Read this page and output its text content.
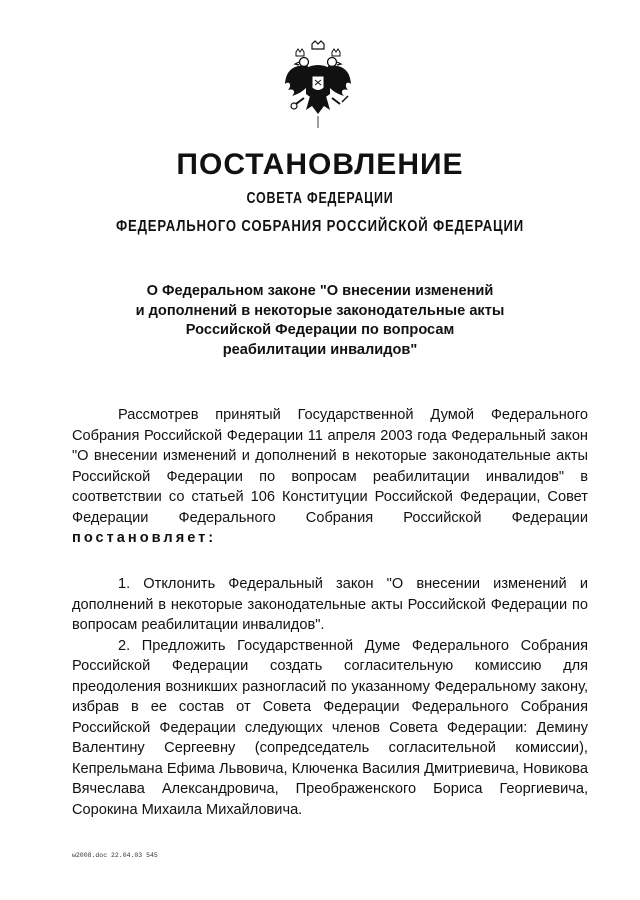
ПОСТАНОВЛЕНИЕ
СОВЕТА ФЕДЕРАЦИИ
ФЕДЕРАЛЬНОГО СОБРАНИЯ РОССИЙСКОЙ ФЕДЕРАЦИИ
О Федеральном законе "О внесении изменений
и дополнений в некоторые законодательные акты
Российской Федерации по вопросам
реабилитации инвалидов"

Рассмотрев принятый Государственной Думой Федерального Собрания Российской Федерации 11 апреля 2003 года Федеральный закон "О внесении изменений и дополнений в некоторые законодательные акты Российской Федерации по вопросам реабилитации инвалидов" в соответствии со статьей 106 Конституции Российской Федерации, Совет Федерации Федерального Собрания Российской Федерации постановляет:

1. Отклонить Федеральный закон "О внесении изменений и дополнений в некоторые законодательные акты Российской Федерации по вопросам реабилитации инвалидов".

2. Предложить Государственной Думе Федерального Собрания Российской Федерации создать согласительную комиссию для преодоления возникших разногласий по указанному Федеральному закону, избрав в ее состав от Совета Федерации Федерального Собрания Российской Федерации следующих членов Совета Федерации: Демину Валентину Сергеевну (сопредседатель согласительной комиссии), Кепрельмана Ефима Львовича, Ключенка Василия Дмитриевича, Новикова Вячеслава Александровича, Преображенского Бориса Георгиевича, Сорокина Михаила Михайловича.

w2008.doc 22.04.03 545
